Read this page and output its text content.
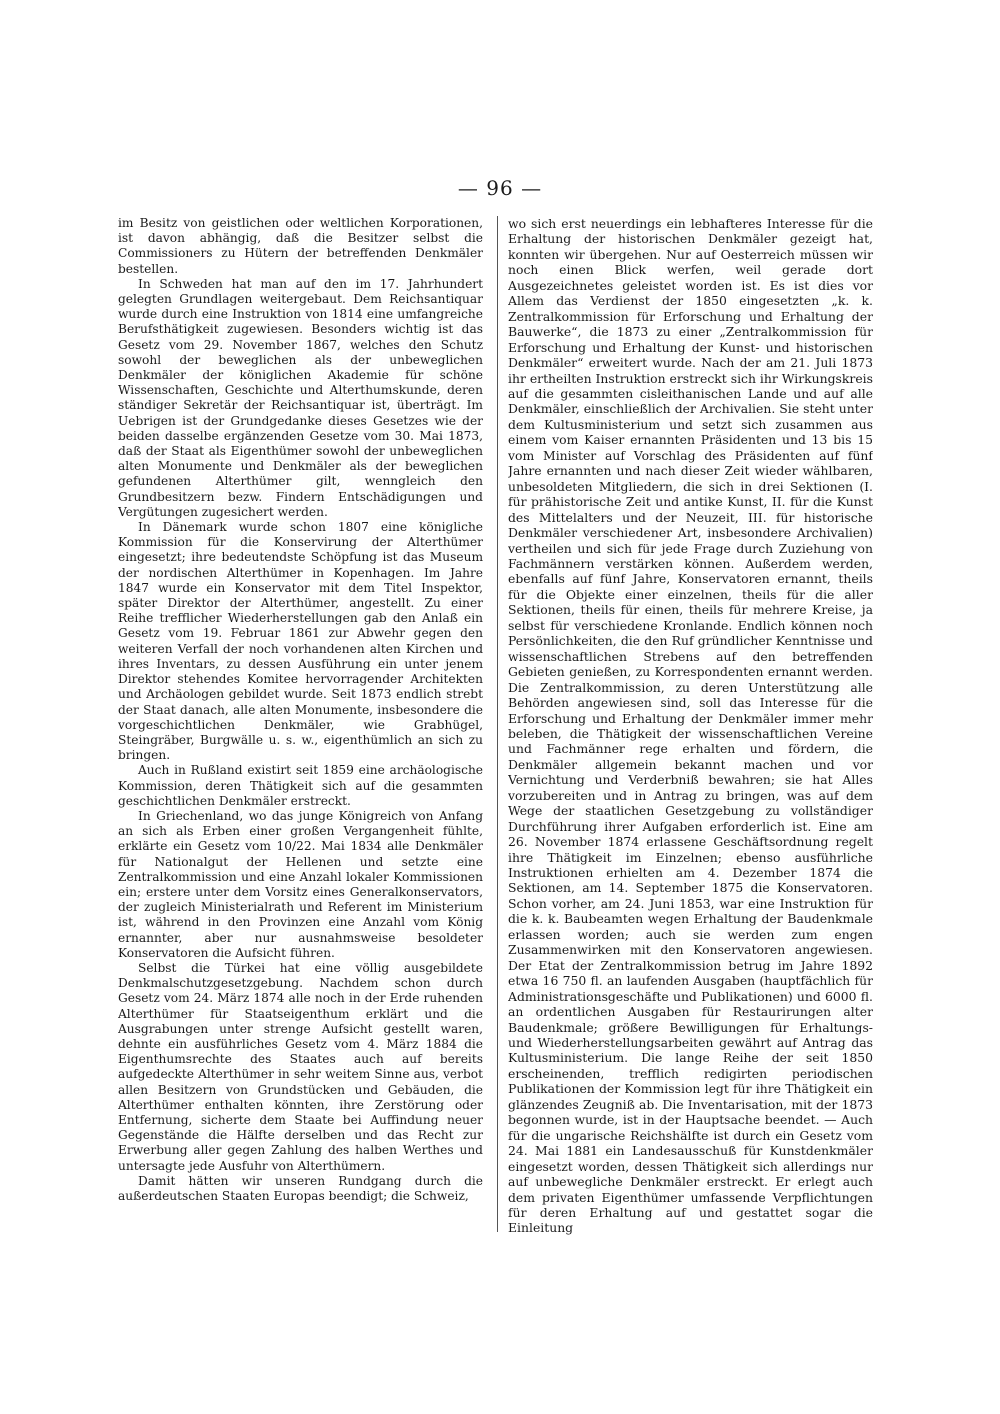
— 96 —

im Besitz von geistlichen oder weltlichen Korporationen, ist davon abhängig, daß die Besitzer selbst die Commissioners zu Hütern der betreffenden Denkmäler bestellen.

In Schweden hat man auf den im 17. Jahrhundert gelegten Grundlagen weitergebaut. Dem Reichsantiquar wurde durch eine Instruktion von 1814 eine umfangreiche Berufsthätigkeit zugewiesen. Besonders wichtig ist das Gesetz vom 29. November 1867, welches den Schutz sowohl der beweglichen als der unbeweglichen Denkmäler der königlichen Akademie für schöne Wissenschaften, Geschichte und Alterthumskunde, deren ständiger Sekretär der Reichsantiquar ist, überträgt. Im Uebrigen ist der Grundgedanke dieses Gesetzes wie der beiden dasselbe ergänzenden Gesetze vom 30. Mai 1873, daß der Staat als Eigenthümer sowohl der unbeweglichen alten Monumente und Denkmäler als der beweglichen gefundenen Alterthümer gilt, wenngleich den Grundbesitzern bezw. Findern Entschädigungen und Vergütungen zugesichert werden.

In Dänemark wurde schon 1807 eine königliche Kommission für die Konservirung der Alterthümer eingesetzt; ihre bedeutendste Schöpfung ist das Museum der nordischen Alterthümer in Kopenhagen. Im Jahre 1847 wurde ein Konservator mit dem Titel Inspektor, später Direktor der Alterthümer, angestellt. Zu einer Reihe trefflicher Wiederherstellungen gab den Anlaß ein Gesetz vom 19. Februar 1861 zur Abwehr gegen den weiteren Verfall der noch vorhandenen alten Kirchen und ihres Inventars, zu dessen Ausführung ein unter jenem Direktor stehendes Komitee hervorragender Architekten und Archäologen gebildet wurde. Seit 1873 endlich strebt der Staat danach, alle alten Monumente, insbesondere die vorgeschichtlichen Denkmäler, wie Grabhügel, Steingräber, Burgwälle u. s. w., eigenthümlich an sich zu bringen.

Auch in Rußland existirt seit 1859 eine archäologische Kommission, deren Thätigkeit sich auf die gesammten geschichtlichen Denkmäler erstreckt.

In Griechenland, wo das junge Königreich von Anfang an sich als Erben einer großen Vergangenheit fühlte, erklärte ein Gesetz vom 10/22. Mai 1834 alle Denkmäler für Nationalgut der Hellenen und setzte eine Zentralkommission und eine Anzahl lokaler Kommissionen ein; erstere unter dem Vorsitz eines Generalkonservators, der zugleich Ministerialrath und Referent im Ministerium ist, während in den Provinzen eine Anzahl vom König ernannter, aber nur ausnahmsweise besoldeter Konservatoren die Aufsicht führen.

Selbst die Türkei hat eine völlig ausgebildete Denkmalschutzgesetzgebung. Nachdem schon durch Gesetz vom 24. März 1874 alle noch in der Erde ruhenden Alterthümer für Staatseigenthum erklärt und die Ausgrabungen unter strenge Aufsicht gestellt waren, dehnte ein ausführliches Gesetz vom 4. März 1884 die Eigenthumsrechte des Staates auch auf bereits aufgedeckte Alterthümer in sehr weitem Sinne aus, verbot allen Besitzern von Grundstücken und Gebäuden, die Alterthümer enthalten könnten, ihre Zerstörung oder Entfernung, sicherte dem Staate bei Auffindung neuer Gegenstände die Hälfte derselben und das Recht zur Erwerbung aller gegen Zahlung des halben Werthes und untersagte jede Ausfuhr von Alterthümern.

Damit hätten wir unseren Rundgang durch die außerdeutschen Staaten Europas beendigt; die Schweiz,

wo sich erst neuerdings ein lebhafteres Interesse für die Erhaltung der historischen Denkmäler gezeigt hat, konnten wir übergehen. Nur auf Oesterreich müssen wir noch einen Blick werfen, weil gerade dort Ausgezeichnetes geleistet worden ist. Es ist dies vor Allem das Verdienst der 1850 eingesetzten „k. k. Zentralkommission für Erforschung und Erhaltung der Bauwerke“, die 1873 zu einer „Zentralkommission für Erforschung und Erhaltung der Kunst- und historischen Denkmäler“ erweitert wurde. Nach der am 21. Juli 1873 ihr ertheilten Instruktion erstreckt sich ihr Wirkungskreis auf die gesammten cisleithanischen Lande und auf alle Denkmäler, einschließlich der Archivalien. Sie steht unter dem Kultusministerium und setzt sich zusammen aus einem vom Kaiser ernannten Präsidenten und 13 bis 15 vom Minister auf Vorschlag des Präsidenten auf fünf Jahre ernannten und nach dieser Zeit wieder wählbaren, unbesoldeten Mitgliedern, die sich in drei Sektionen (I. für prähistorische Zeit und antike Kunst, II. für die Kunst des Mittelalters und der Neuzeit, III. für historische Denkmäler verschiedener Art, insbesondere Archivalien) vertheilen und sich für jede Frage durch Zuziehung von Fachmännern verstärken können. Außerdem werden, ebenfalls auf fünf Jahre, Konservatoren ernannt, theils für die Objekte einer einzelnen, theils für die aller Sektionen, theils für einen, theils für mehrere Kreise, ja selbst für verschiedene Kronlande. Endlich können noch Persönlichkeiten, die den Ruf gründlicher Kenntnisse und wissenschaftlichen Strebens auf den betreffenden Gebieten genießen, zu Korrespondenten ernannt werden. Die Zentralkommission, zu deren Unterstützung alle Behörden angewiesen sind, soll das Interesse für die Erforschung und Erhaltung der Denkmäler immer mehr beleben, die Thätigkeit der wissenschaftlichen Vereine und Fachmänner rege erhalten und fördern, die Denkmäler allgemein bekannt machen und vor Vernichtung und Verderbniß bewahren; sie hat Alles vorzubereiten und in Antrag zu bringen, was auf dem Wege der staatlichen Gesetzgebung zu vollständiger Durchführung ihrer Aufgaben erforderlich ist. Eine am 26. November 1874 erlassene Geschäftsordnung regelt ihre Thätigkeit im Einzelnen; ebenso ausführliche Instruktionen erhielten am 4. Dezember 1874 die Sektionen, am 14. September 1875 die Konservatoren. Schon vorher, am 24. Juni 1853, war eine Instruktion für die k. k. Baubeamten wegen Erhaltung der Baudenkmale erlassen worden; auch sie werden zum engen Zusammenwirken mit den Konservatoren angewiesen. Der Etat der Zentralkommission betrug im Jahre 1892 etwa 16 750 fl. an laufenden Ausgaben (hauptfächlich für Administrationsgeschäfte und Publikationen) und 6000 fl. an ordentlichen Ausgaben für Restaurirungen alter Baudenkmale; größere Bewilligungen für Erhaltungs- und Wiederherstellungsarbeiten gewährt auf Antrag das Kultusministerium. Die lange Reihe der seit 1850 erscheinenden, trefflich redigirten periodischen Publikationen der Kommission legt für ihre Thätigkeit ein glänzendes Zeugniß ab. Die Inventarisation, mit der 1873 begonnen wurde, ist in der Hauptsache beendet. — Auch für die ungarische Reichshälfte ist durch ein Gesetz vom 24. Mai 1881 ein Landesausschuß für Kunstdenkmäler eingesetzt worden, dessen Thätigkeit sich allerdings nur auf unbewegliche Denkmäler erstreckt. Er erlegt auch dem privaten Eigenthümer umfassende Verpflichtungen für deren Erhaltung auf und gestattet sogar die Einleitung
